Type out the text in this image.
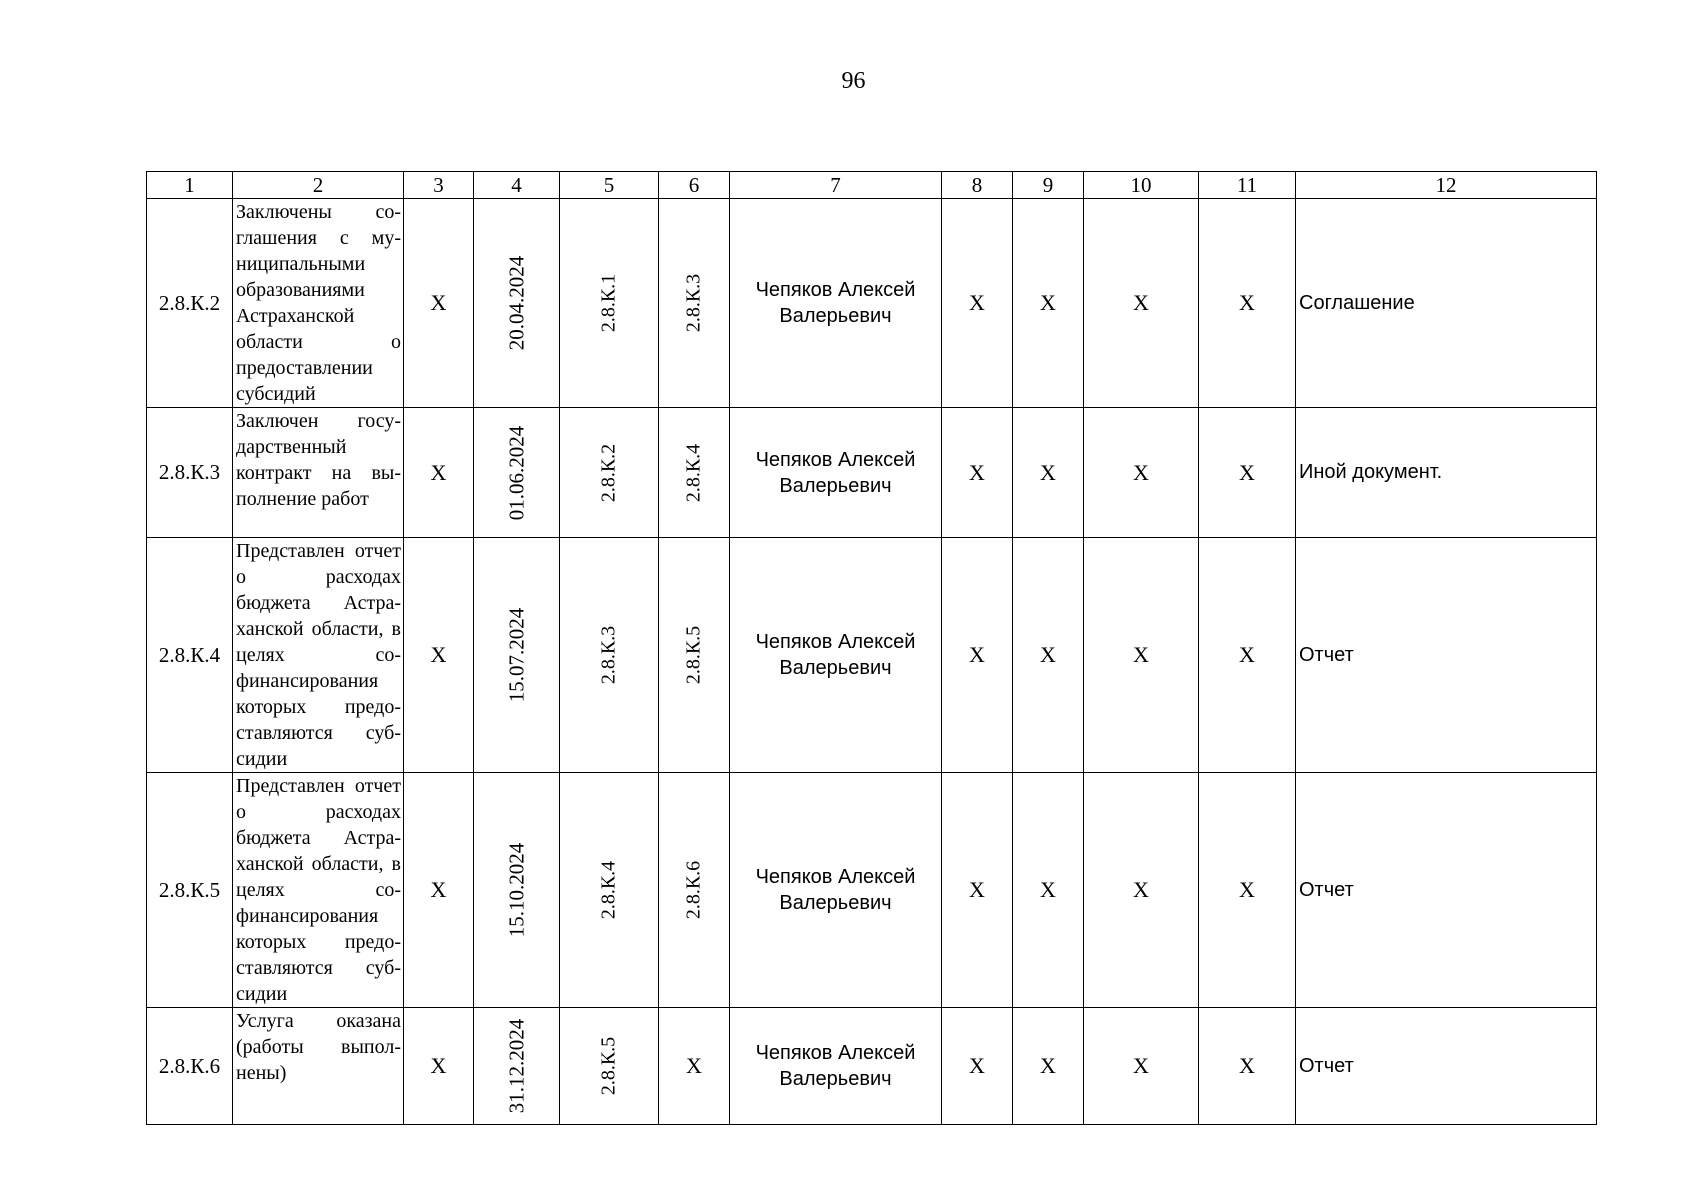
96
1	2	3	4	5	6	7	8	9	10	11	12
2.8.К.2	Заключены соглашения с муниципальными образованиями Астраханской области о предоставлении субсидий	X	20.04.2024	2.8.К.1	2.8.К.3	Чепяков Алексей Валерьевич	X	X	X	X	Соглашение
2.8.К.3	Заключен государственный контракт на выполнение работ	X	01.06.2024	2.8.К.2	2.8.К.4	Чепяков Алексей Валерьевич	X	X	X	X	Иной документ.
2.8.К.4	Представлен отчет о расходах бюджета Астраханской области, в целях софинансирования которых предоставляются субсидии	X	15.07.2024	2.8.К.3	2.8.К.5	Чепяков Алексей Валерьевич	X	X	X	X	Отчет
2.8.К.5	Представлен отчет о расходах бюджета Астраханской области, в целях софинансирования которых предоставляются субсидии	X	15.10.2024	2.8.К.4	2.8.К.6	Чепяков Алексей Валерьевич	X	X	X	X	Отчет
2.8.К.6	Услуга оказана (работы выполнены)	X	31.12.2024	2.8.К.5	X	Чепяков Алексей Валерьевич	X	X	X	X	Отчет
